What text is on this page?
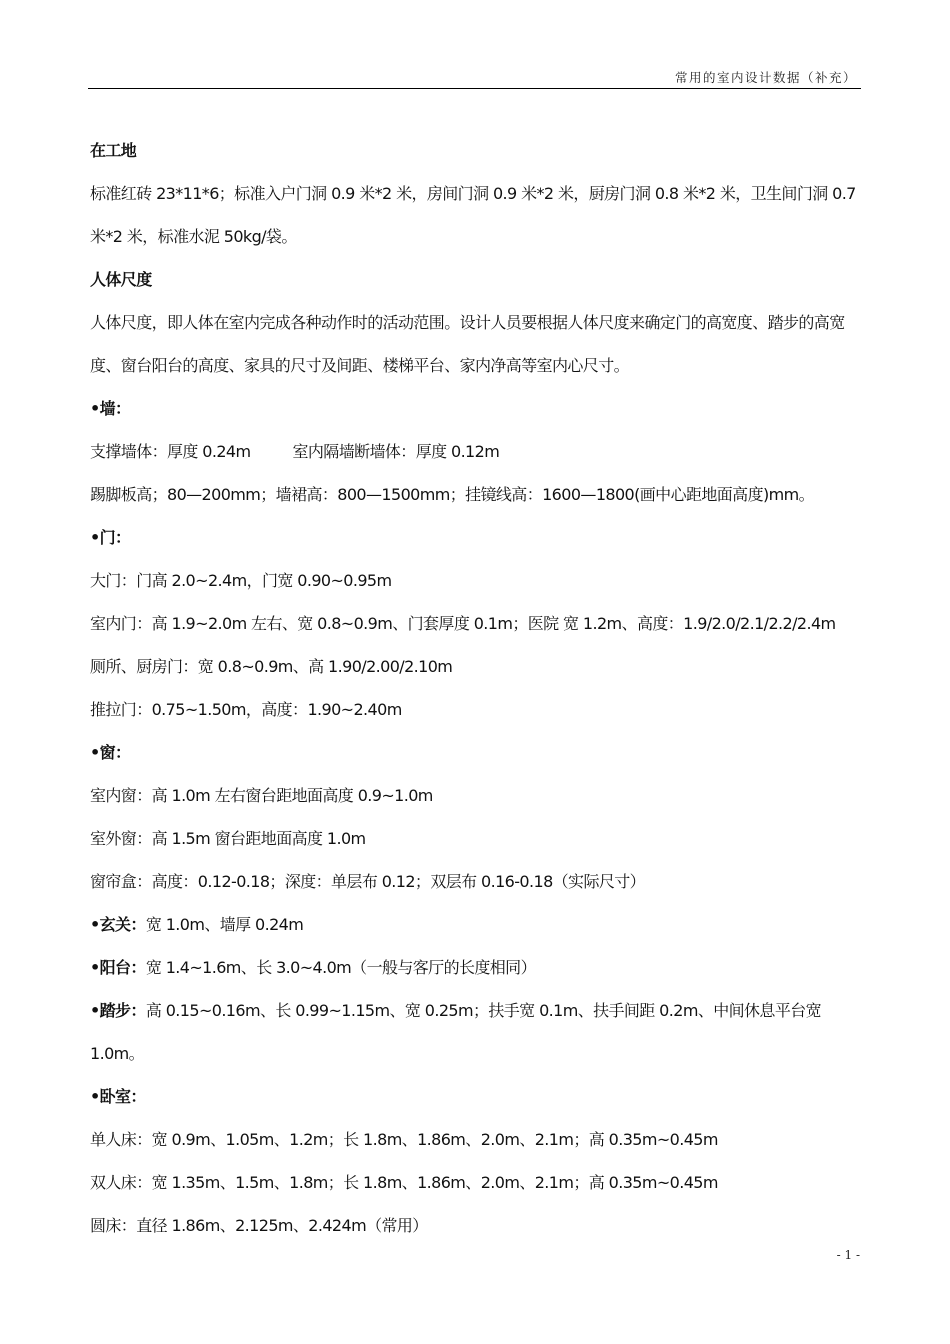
常用的室内设计数据（补充）
在工地
标准红砖 23*11*6；标准入户门洞 0.9 米*2 米，房间门洞 0.9 米*2 米，厨房门洞 0.8 米*2 米，卫生间门洞 0.7 米*2 米，标准水泥 50kg/袋。
人体尺度
人体尺度，即人体在室内完成各种动作时的活动范围。设计人员要根据人体尺度来确定门的高宽度、踏步的高宽度、窗台阳台的高度、家具的尺寸及间距、楼梯平台、家内净高等室内心尺寸。
•墙：
支撑墙体：厚度 0.24m	室内隔墙断墙体：厚度 0.12m
踢脚板高；80—200mm；墙裙高：800—1500mm；挂镜线高：1600—1800(画中心距地面高度)mm。
•门：
大门：门高 2.0~2.4m，门宽 0.90~0.95m
室内门：高 1.9~2.0m 左右、宽 0.8~0.9m、门套厚度 0.1m；医院 宽 1.2m、高度：1.9/2.0/2.1/2.2/2.4m
厕所、厨房门：宽 0.8~0.9m、高 1.90/2.00/2.10m
推拉门：0.75~1.50m，高度：1.90~2.40m
•窗：
室内窗：高 1.0m 左右窗台距地面高度 0.9~1.0m
室外窗：高 1.5m 窗台距地面高度 1.0m
窗帘盒：高度：0.12-0.18；深度：单层布 0.12；双层布 0.16-0.18（实际尺寸）
•玄关：宽 1.0m、墙厚 0.24m
•阳台：宽 1.4~1.6m、长 3.0~4.0m（一般与客厅的长度相同）
•踏步：高 0.15~0.16m、长 0.99~1.15m、宽 0.25m；扶手宽 0.1m、扶手间距 0.2m、中间休息平台宽 1.0m。
•卧室：
单人床：宽 0.9m、1.05m、1.2m；长 1.8m、1.86m、2.0m、2.1m；高 0.35m~0.45m
双人床：宽 1.35m、1.5m、1.8m；长 1.8m、1.86m、2.0m、2.1m；高 0.35m~0.45m
圆床：直径 1.86m、2.125m、2.424m（常用）
- 1 -
